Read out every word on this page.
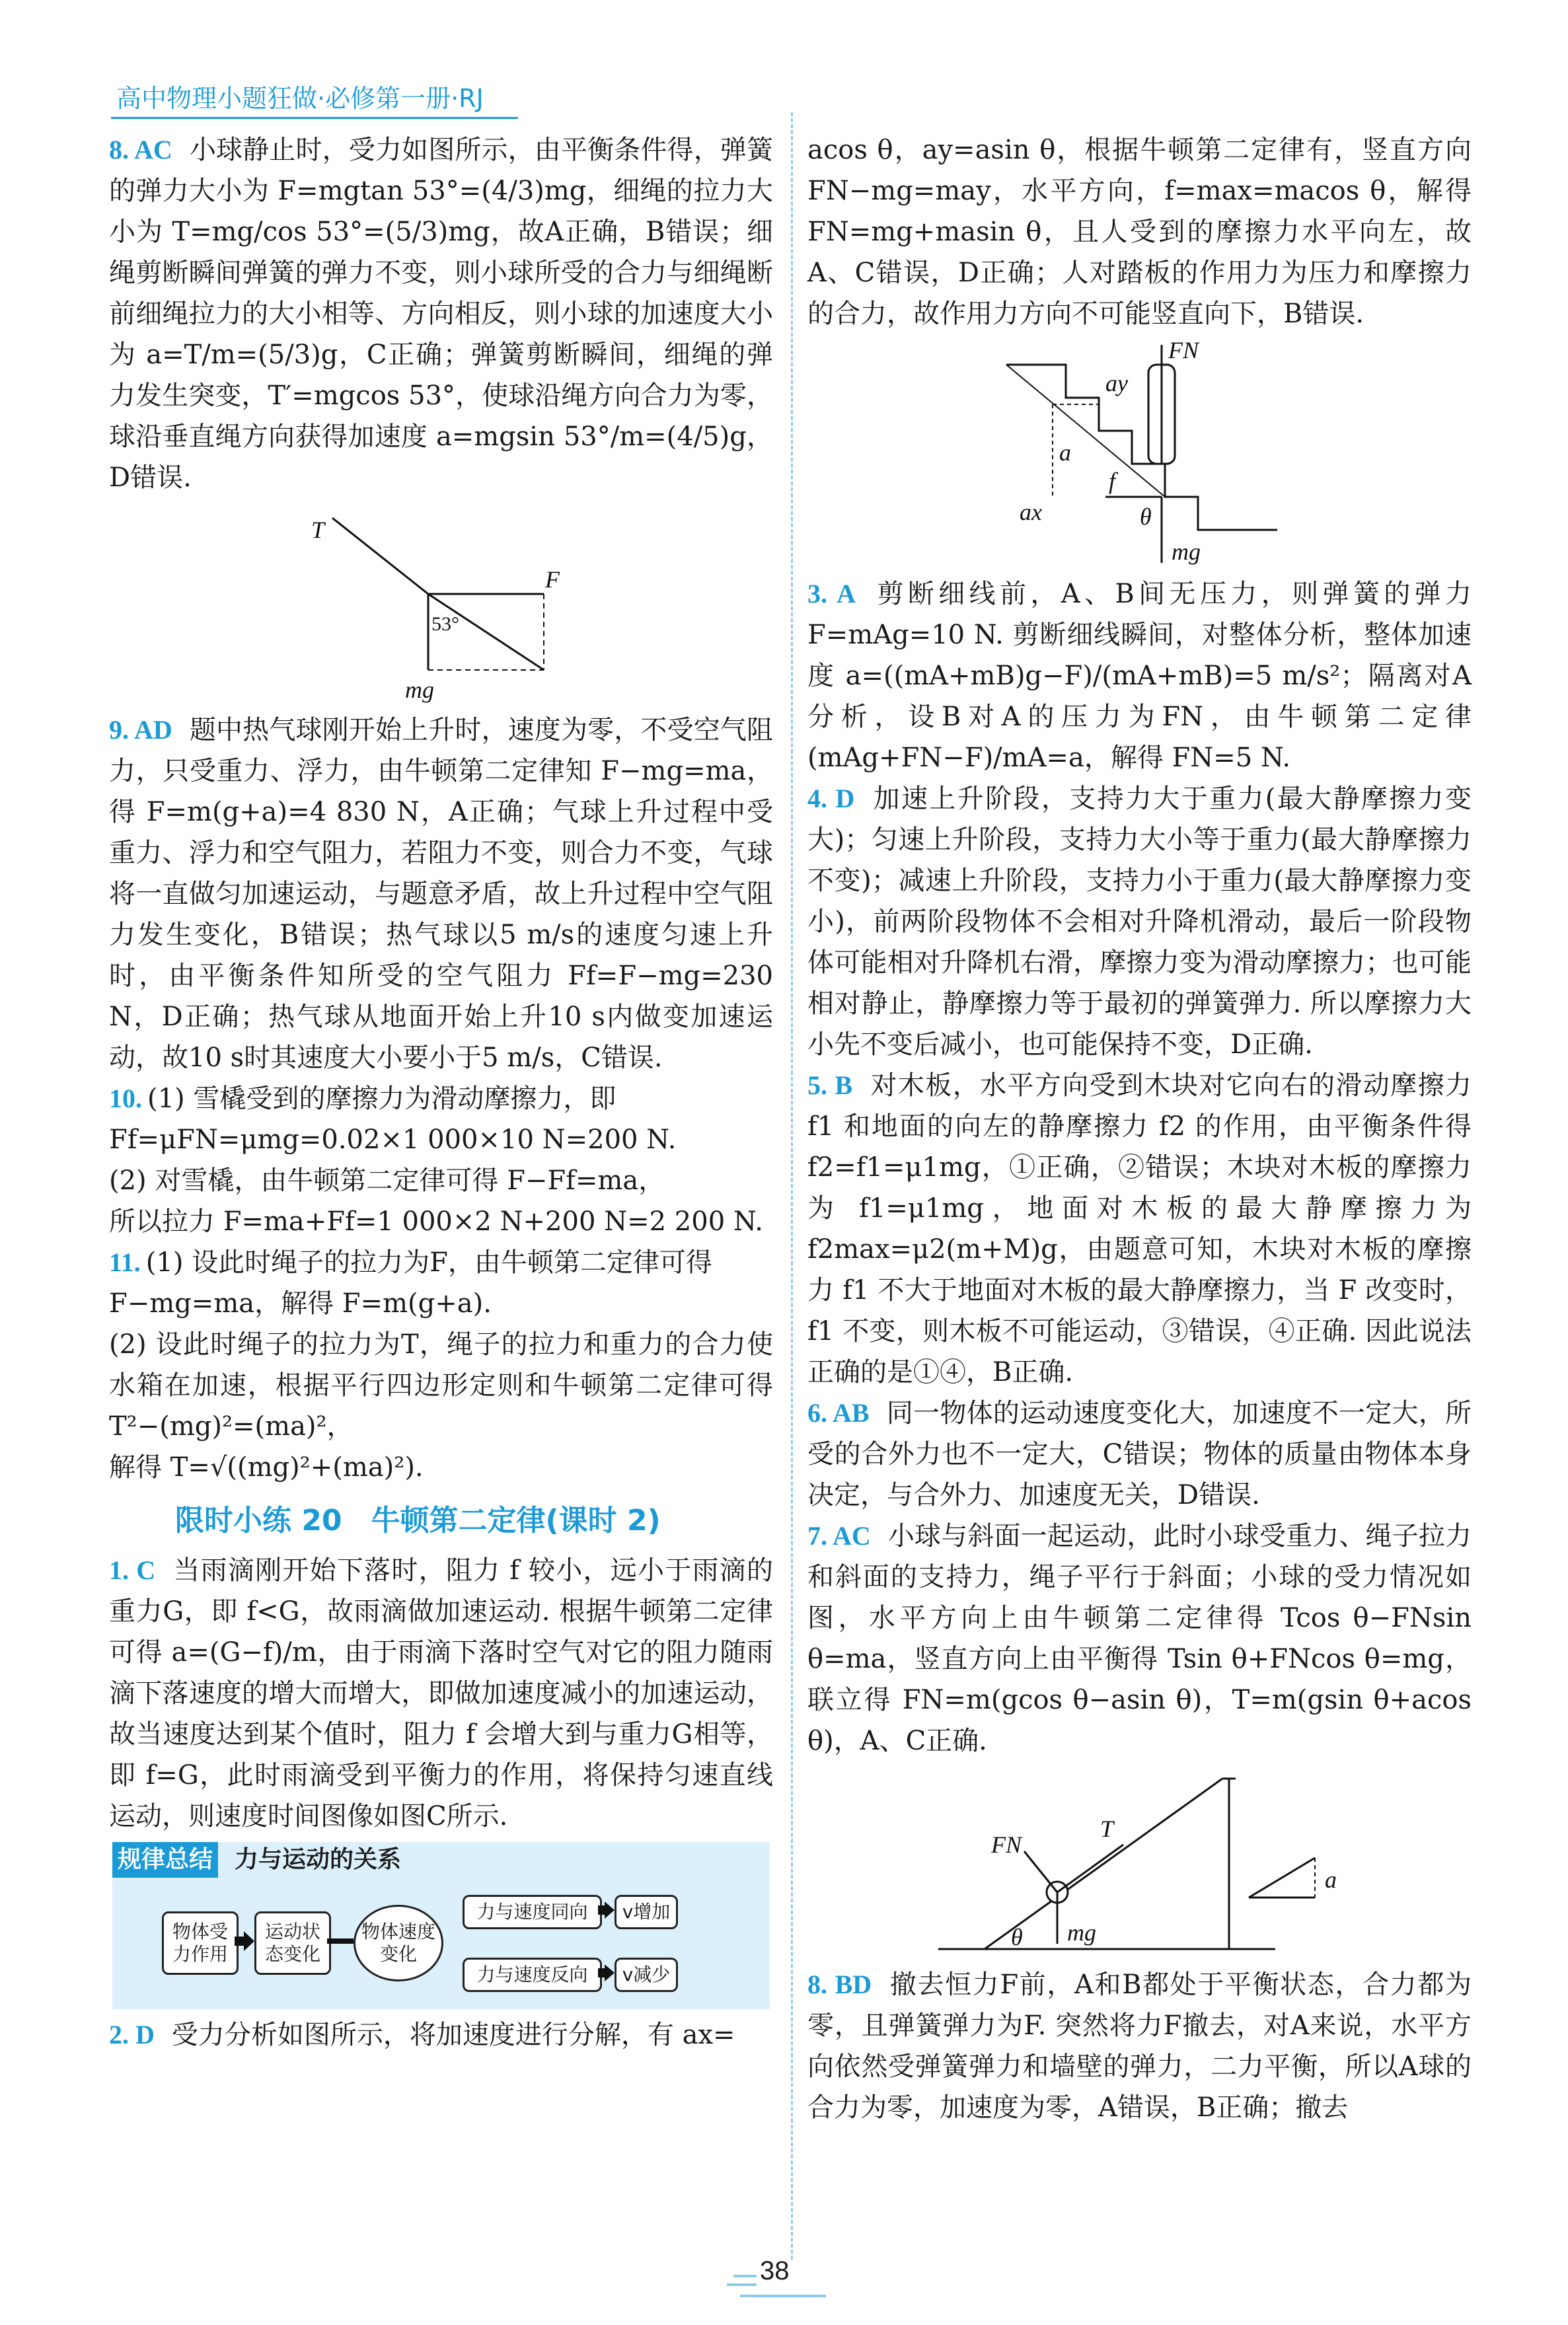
高中物理小题狂做·必修第一册·RJ
8. AC 小球静止时，受力如图所示，由平衡条件得，弹簧的弹力大小为 F=mgtan 53°=(4/3)mg，细绳的拉力大小为 T=mg/cos 53°=(5/3)mg，故A正确，B错误；细绳剪断瞬间弹簧的弹力不变，则小球所受的合力与细绳断前细绳拉力的大小相等、方向相反，则小球的加速度大小为 a=T/m=(5/3)g，C正确；弹簧剪断瞬间，细绳的弹力发生突变，T′=mgcos 53°，使球沿绳方向合力为零，球沿垂直绳方向获得加速度 a=mgsin 53°/m=(4/5)g，D错误.
T
F
53°
mg
9. AD 题中热气球刚开始上升时，速度为零，不受空气阻力，只受重力、浮力，由牛顿第二定律知 F−mg=ma，得 F=m(g+a)=4 830 N，A正确；气球上升过程中受重力、浮力和空气阻力，若阻力不变，则合力不变，气球将一直做匀加速运动，与题意矛盾，故上升过程中空气阻力发生变化，B错误；热气球以5 m/s的速度匀速上升时，由平衡条件知所受的空气阻力 Ff=F−mg=230 N，D正确；热气球从地面开始上升10 s内做变加速运动，故10 s时其速度大小要小于5 m/s，C错误.
10. (1) 雪橇受到的摩擦力为滑动摩擦力，即
Ff=μFN=μmg=0.02×1 000×10 N=200 N.
(2) 对雪橇，由牛顿第二定律可得 F−Ff=ma，
所以拉力 F=ma+Ff=1 000×2 N+200 N=2 200 N.
11. (1) 设此时绳子的拉力为F，由牛顿第二定律可得
F−mg=ma，解得 F=m(g+a).
(2) 设此时绳子的拉力为T，绳子的拉力和重力的合力使水箱在加速，根据平行四边形定则和牛顿第二定律可得 T²−(mg)²=(ma)²，
解得 T=√((mg)²+(ma)²).
限时小练 20　牛顿第二定律(课时 2)
1. C 当雨滴刚开始下落时，阻力 f 较小，远小于雨滴的重力G，即 f<G，故雨滴做加速运动. 根据牛顿第二定律可得 a=(G−f)/m，由于雨滴下落时空气对它的阻力随雨滴下落速度的增大而增大，即做加速度减小的加速运动，故当速度达到某个值时，阻力 f 会增大到与重力G相等，即 f=G，此时雨滴受到平衡力的作用，将保持匀速直线运动，则速度时间图像如图C所示.
规律总结 力与运动的关系
物体受力作用
运动状态变化
物体速度变化
力与速度同向
力与速度反向
v增加
v减少
2. D 受力分析如图所示，将加速度进行分解，有 ax=
acos θ，ay=asin θ，根据牛顿第二定律有，竖直方向 FN−mg=may，水平方向，f=max=macos θ，解得 FN=mg+masin θ，且人受到的摩擦力水平向左，故A、C错误，D正确；人对踏板的作用力为压力和摩擦力的合力，故作用力方向不可能竖直向下，B错误.
FN
ay
a
ax
f
θ
mg
3. A 剪断细线前，A、B间无压力，则弹簧的弹力 F=mAg=10 N. 剪断细线瞬间，对整体分析，整体加速度 a=((mA+mB)g−F)/(mA+mB)=5 m/s²；隔离对A分析，设B对A的压力为FN，由牛顿第二定律 (mAg+FN−F)/mA=a，解得 FN=5 N.
4. D 加速上升阶段，支持力大于重力(最大静摩擦力变大)；匀速上升阶段，支持力大小等于重力(最大静摩擦力不变)；减速上升阶段，支持力小于重力(最大静摩擦力变小)，前两阶段物体不会相对升降机滑动，最后一阶段物体可能相对升降机右滑，摩擦力变为滑动摩擦力；也可能相对静止，静摩擦力等于最初的弹簧弹力. 所以摩擦力大小先不变后减小，也可能保持不变，D正确.
5. B 对木板，水平方向受到木块对它向右的滑动摩擦力 f1 和地面的向左的静摩擦力 f2 的作用，由平衡条件得 f2=f1=μ1mg，①正确，②错误；木块对木板的摩擦力为 f1=μ1mg，地面对木板的最大静摩擦力为 f2max=μ2(m+M)g，由题意可知，木块对木板的摩擦力 f1 不大于地面对木板的最大静摩擦力，当 F 改变时，f1 不变，则木板不可能运动，③错误，④正确. 因此说法正确的是①④，B正确.
6. AB 同一物体的运动速度变化大，加速度不一定大，所受的合外力也不一定大，C错误；物体的质量由物体本身决定，与合外力、加速度无关，D错误.
7. AC 小球与斜面一起运动，此时小球受重力、绳子拉力和斜面的支持力，绳子平行于斜面；小球的受力情况如图，水平方向上由牛顿第二定律得 Tcos θ−FNsin θ=ma，竖直方向上由平衡得 Tsin θ+FNcos θ=mg，联立得 FN=m(gcos θ−asin θ)，T=m(gsin θ+acos θ)，A、C正确.
FN
T
mg
θ
a
8. BD 撤去恒力F前，A和B都处于平衡状态，合力都为零，且弹簧弹力为F. 突然将力F撤去，对A来说，水平方向依然受弹簧弹力和墙壁的弹力，二力平衡，所以A球的合力为零，加速度为零，A错误，B正确；撤去
38
